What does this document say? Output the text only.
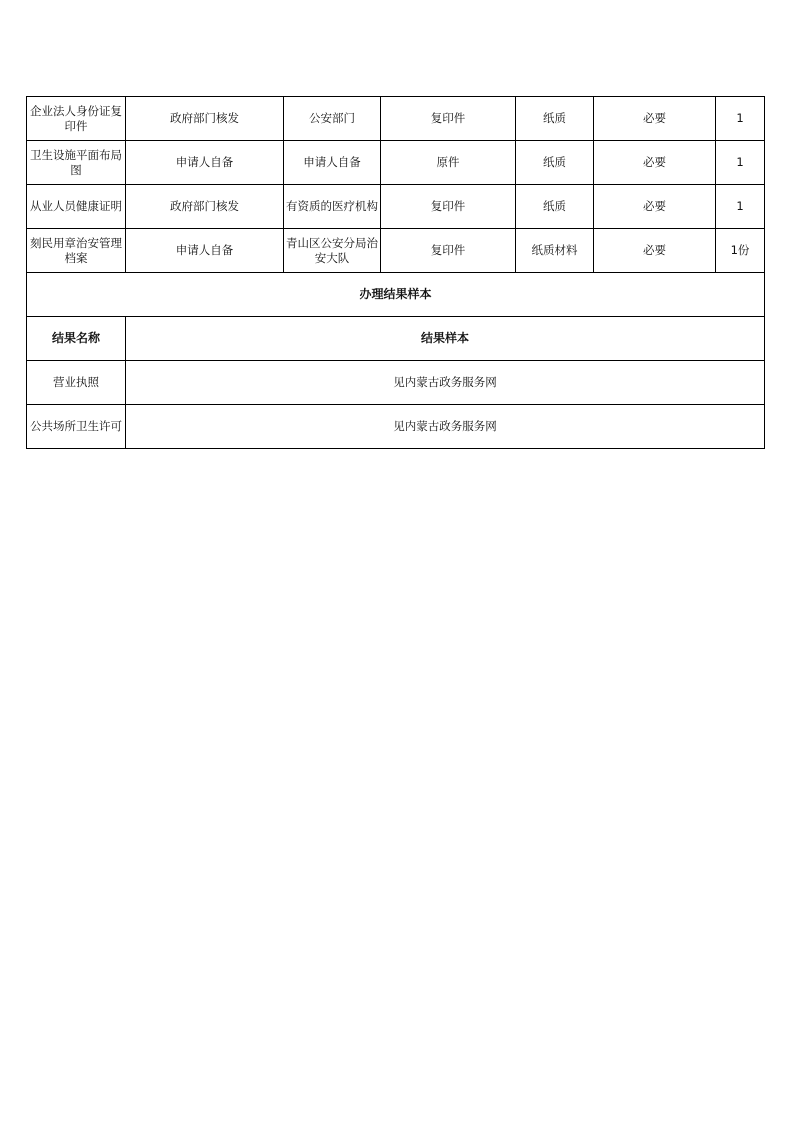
企业法人身份证复印件	政府部门核发	公安部门	复印件	纸质	必要	1
卫生设施平面布局图	申请人自备	申请人自备	原件	纸质	必要	1
从业人员健康证明	政府部门核发	有资质的医疗机构	复印件	纸质	必要	1
刻民用章治安管理档案	申请人自备	青山区公安分局治安大队	复印件	纸质材料	必要	1份
办理结果样本						
结果名称	结果样本					
营业执照	见内蒙古政务服务网					
公共场所卫生许可	见内蒙古政务服务网					
